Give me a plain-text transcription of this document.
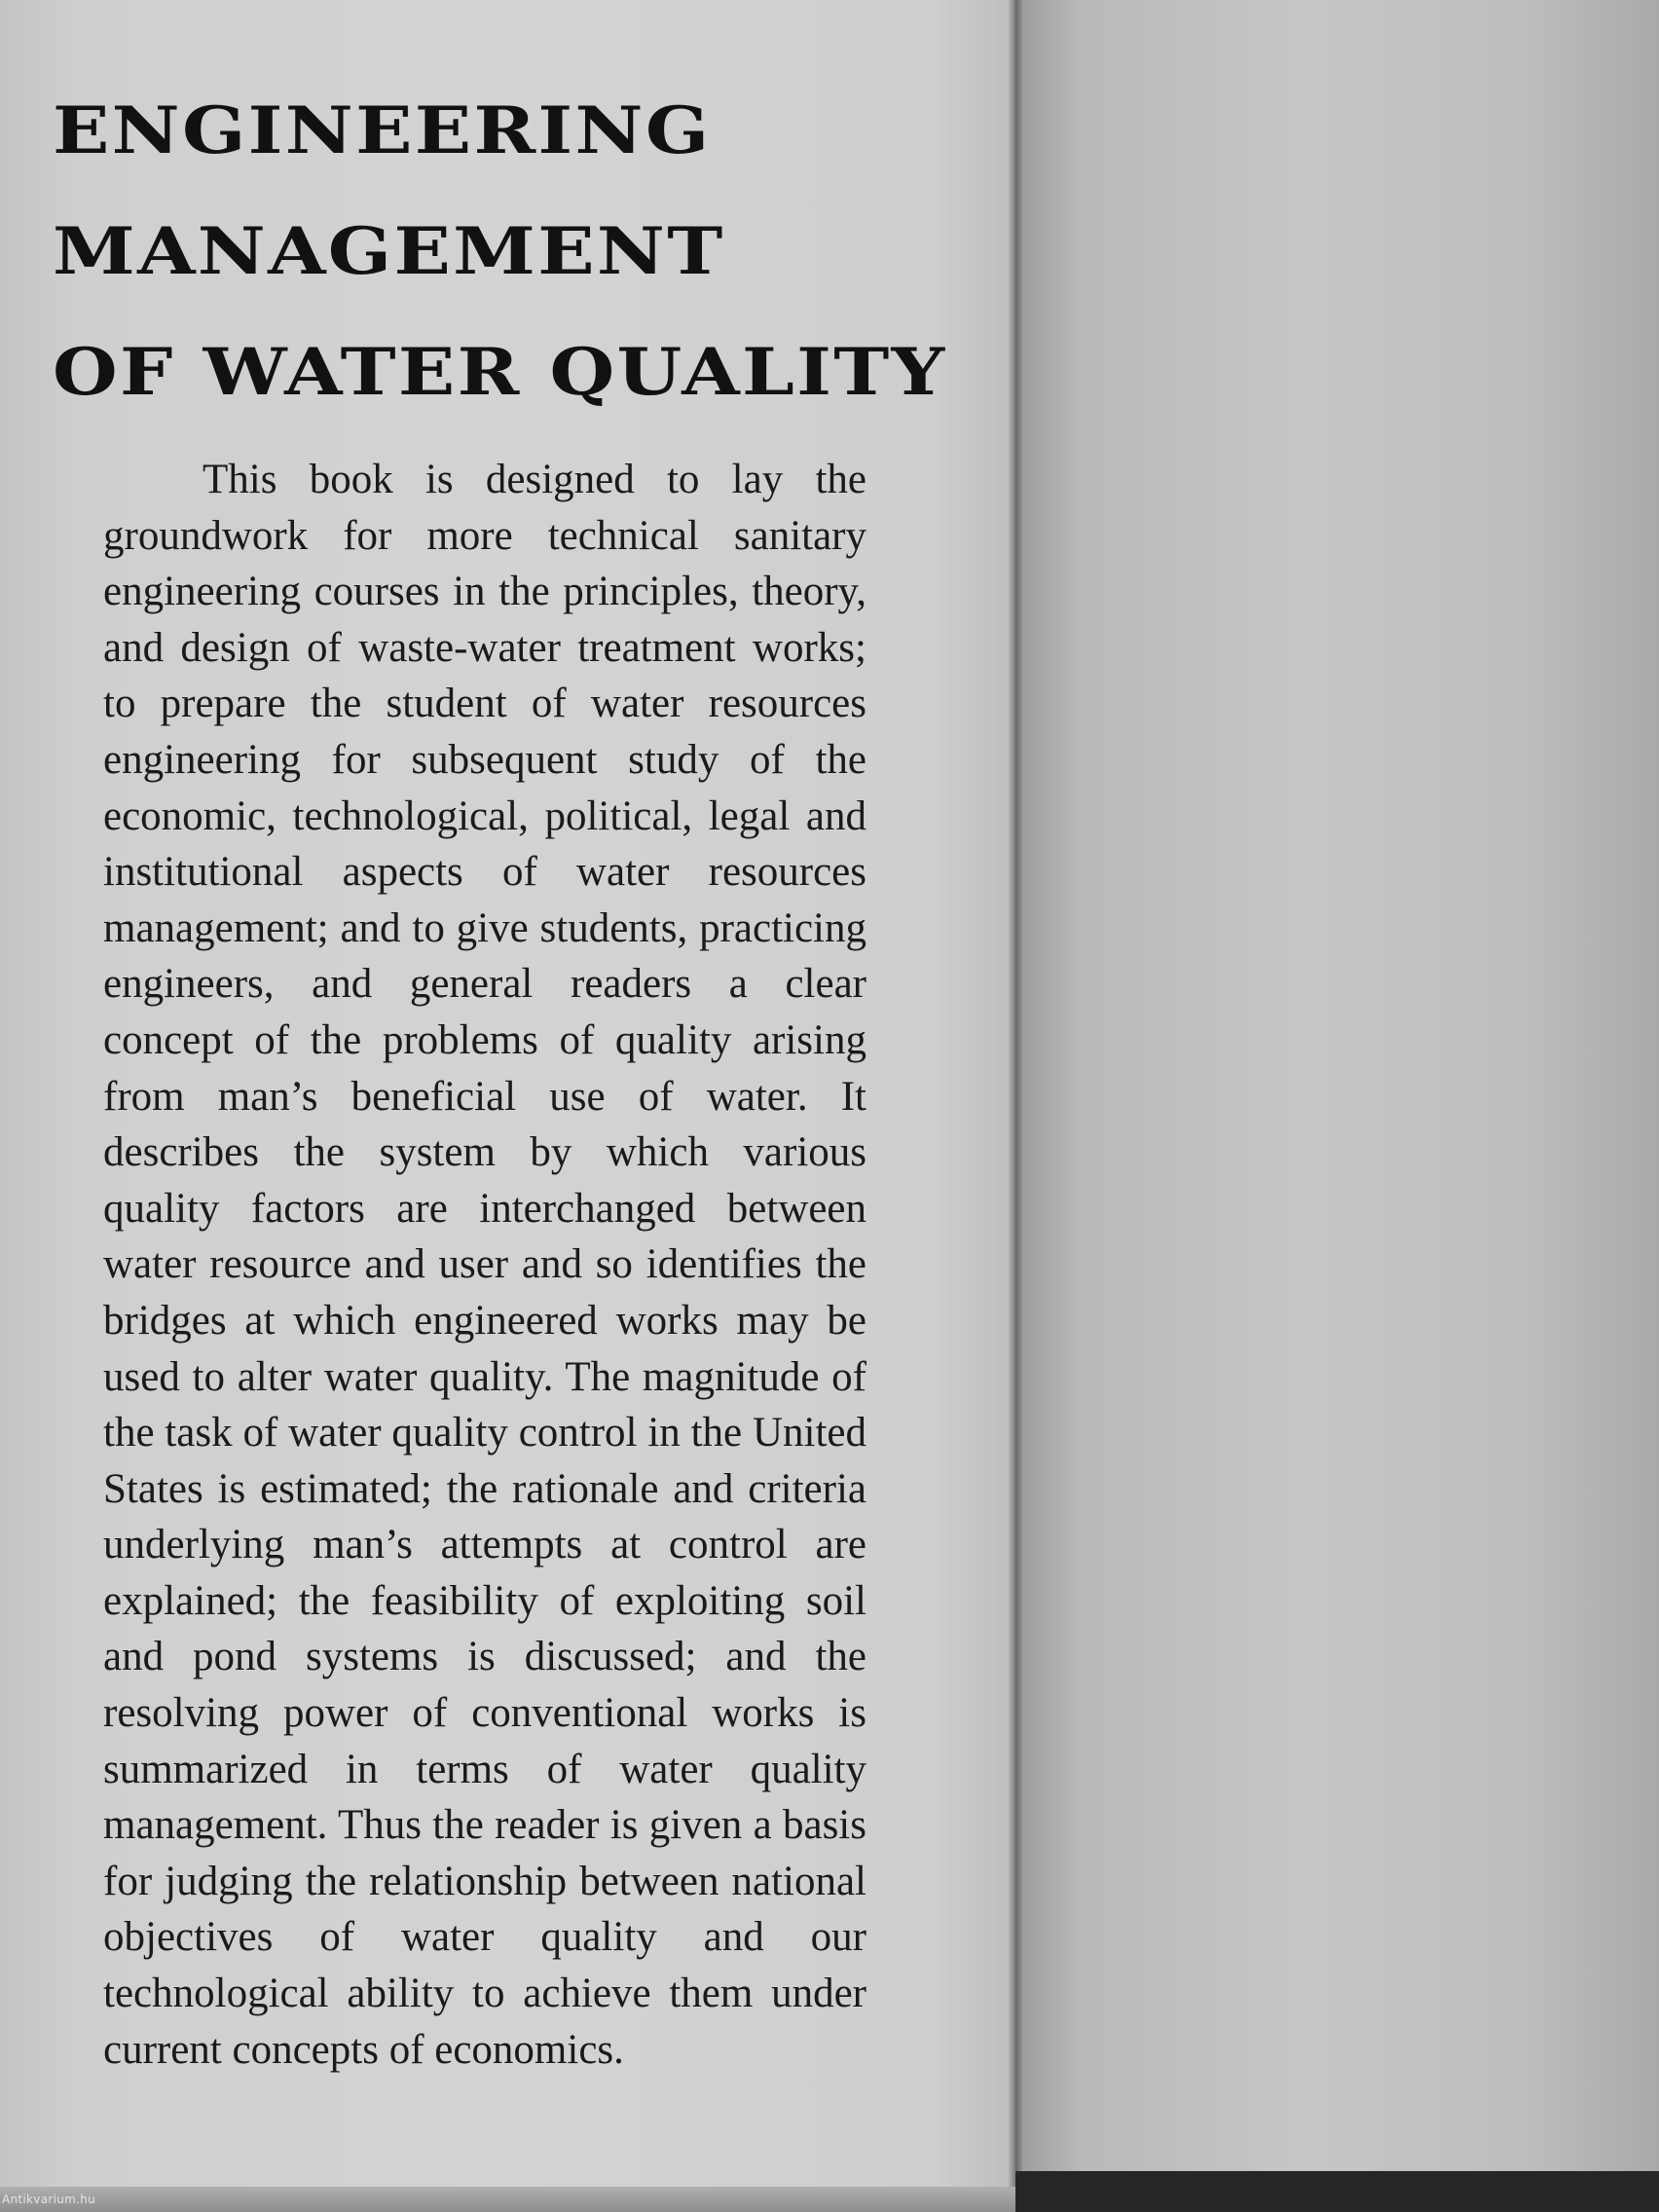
ENGINEERING
MANAGEMENT
OF WATER QUALITY

This book is designed to lay the groundwork for more technical sanitary engineering courses in the principles, theory, and design of waste-water treatment works; to prepare the student of water resources engineering for subsequent study of the economic, technological, political, legal and institutional aspects of water resources management; and to give students, practicing engineers, and general readers a clear concept of the problems of quality arising from man’s beneficial use of water. It describes the system by which various quality factors are interchanged between water resource and user and so identifies the bridges at which engineered works may be used to alter water quality. The magnitude of the task of water quality control in the United States is estimated; the rationale and criteria underlying man’s attempts at control are explained; the feasibility of exploiting soil and pond systems is discussed; and the resolving power of conventional works is summarized in terms of water quality management. Thus the reader is given a basis for judging the relationship between national objectives of water quality and our technological ability to achieve them under current concepts of economics.

Antikvarium.hu
